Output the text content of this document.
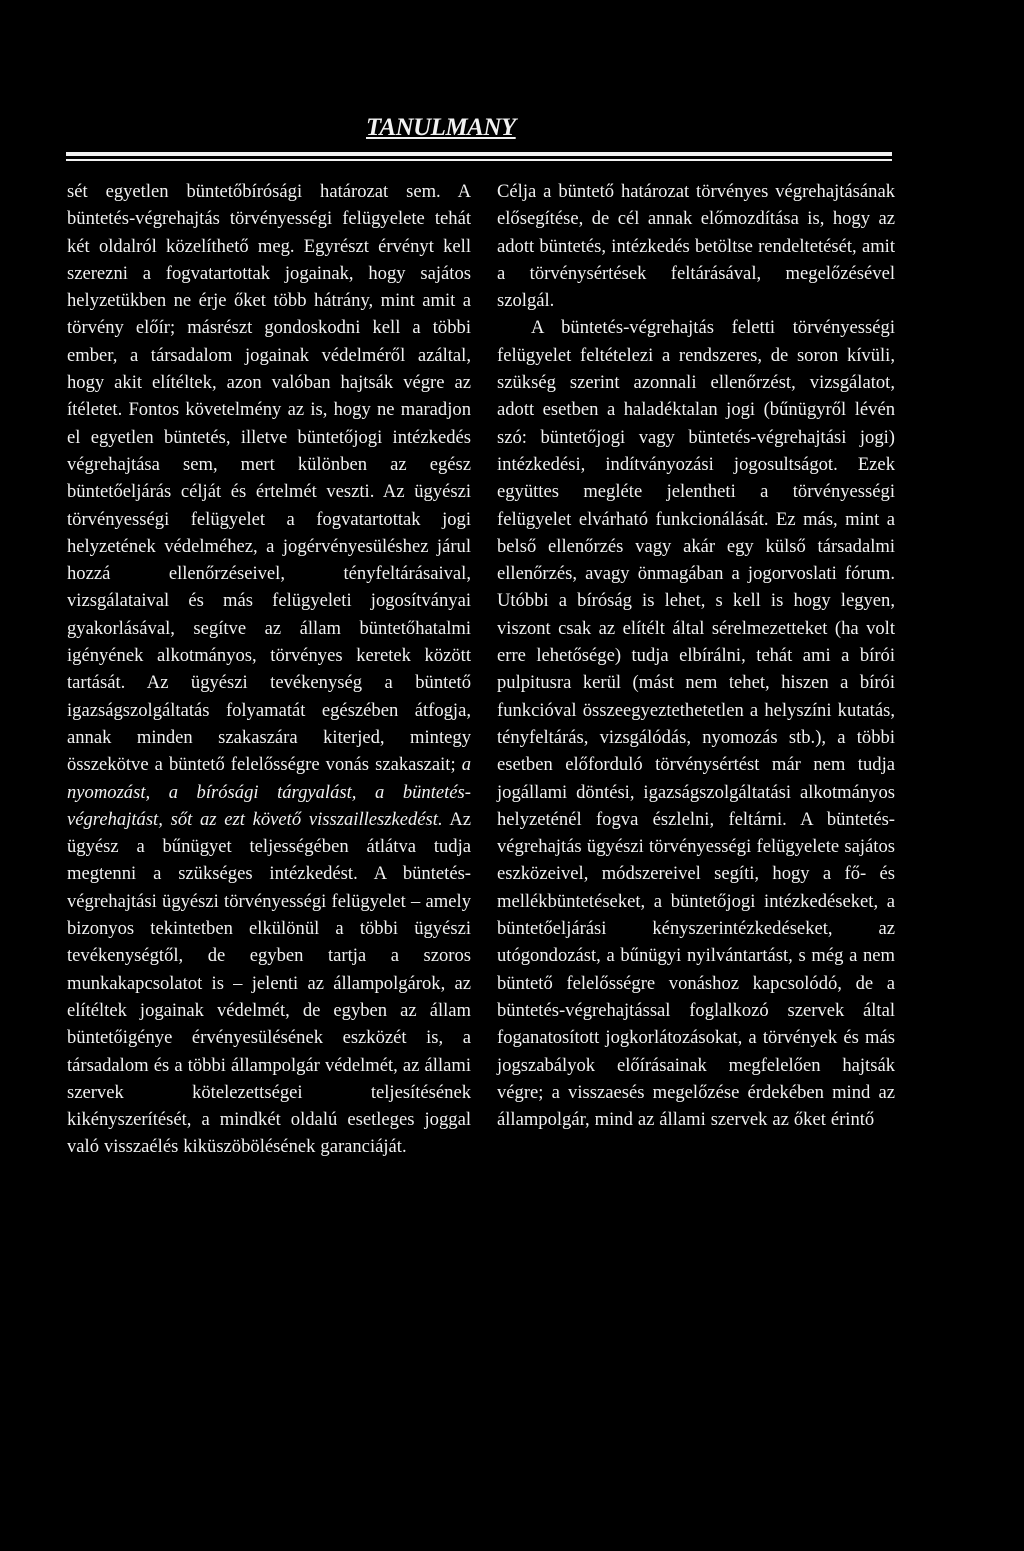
TANULMANY

sét egyetlen büntetőbírósági határozat sem. A büntetés-végrehajtás törvényességi felügyelete tehát két oldalról közelíthető meg. Egyrészt érvényt kell szerezni a fogvatartottak jogainak, hogy sajátos helyzetükben ne érje őket több hátrány, mint amit a törvény előír; másrészt gondoskodni kell a többi ember, a társadalom jogainak védelméről azáltal, hogy akit elítéltek, azon valóban hajtsák végre az ítéletet. Fontos követelmény az is, hogy ne maradjon el egyetlen büntetés, illetve büntetőjogi intézkedés végrehajtása sem, mert különben az egész büntetőeljárás célját és értelmét veszti. Az ügyészi törvényességi felügyelet a fogvatartottak jogi helyzetének védelméhez, a jogérvényesüléshez járul hozzá ellenőrzéseivel, tényfeltárásaival, vizsgálataival és más felügyeleti jogosítványai gyakorlásával, segítve az állam büntetőhatalmi igényének alkotmányos, törvényes keretek között tartását. Az ügyészi tevékenység a büntető igazságszolgáltatás folyamatát egészében átfogja, annak minden szakaszára kiterjed, mintegy összekötve a büntető felelősségre vonás szakaszait; a nyomozást, a bírósági tárgyalást, a büntetés-végrehajtást, sőt az ezt követő visszailleszkedést. Az ügyész a bűnügyet teljességében átlátva tudja megtenni a szükséges intézkedést. A büntetés-végrehajtási ügyészi törvényességi felügyelet – amely bizonyos tekintetben elkülönül a többi ügyészi tevékenységtől, de egyben tartja a szoros munkakapcsolatot is – jelenti az állampolgárok, az elítéltek jogainak védelmét, de egyben az állam büntetőigénye érvényesülésének eszközét is, a társadalom és a többi állampolgár védelmét, az állami szervek kötelezettségei teljesítésének kikényszerítését, a mindkét oldalú esetleges joggal való visszaélés kiküszöbölésének garanciáját.

Célja a büntető határozat törvényes végrehajtásának elősegítése, de cél annak előmozdítása is, hogy az adott büntetés, intézkedés betöltse rendeltetését, amit a törvénysértések feltárásával, megelőzésével szolgál.

A büntetés-végrehajtás feletti törvényességi felügyelet feltételezi a rendszeres, de soron kívüli, szükség szerint azonnali ellenőrzést, vizsgálatot, adott esetben a haladéktalan jogi (bűnügyről lévén szó: büntetőjogi vagy büntetés-végrehajtási jogi) intézkedési, indítványozási jogosultságot. Ezek együttes megléte jelentheti a törvényességi felügyelet elvárható funkcionálását. Ez más, mint a belső ellenőrzés vagy akár egy külső társadalmi ellenőrzés, avagy önmagában a jogorvoslati fórum. Utóbbi a bíróság is lehet, s kell is hogy legyen, viszont csak az elítélt által sérelmezetteket (ha volt erre lehetősége) tudja elbírálni, tehát ami a bírói pulpitusra kerül (mást nem tehet, hiszen a bírói funkcióval összeegyeztethetetlen a helyszíni kutatás, tényfeltárás, vizsgálódás, nyomozás stb.), a többi esetben előforduló törvénysértést már nem tudja jogállami döntési, igazságszolgáltatási alkotmányos helyzeténél fogva észlelni, feltárni. A büntetés-végrehajtás ügyészi törvényességi felügyelete sajátos eszközeivel, módszereivel segíti, hogy a fő- és mellékbüntetéseket, a büntetőjogi intézkedéseket, a büntetőeljárási kényszerintézkedéseket, az utógondozást, a bűnügyi nyilvántartást, s még a nem büntető felelősségre vonáshoz kapcsolódó, de a büntetés-végrehajtással foglalkozó szervek által foganatosított jogkorlátozásokat, a törvények és más jogszabályok előírásainak megfelelően hajtsák végre; a visszaesés megelőzése érdekében mind az állampolgár, mind az állami szervek az őket érintő
